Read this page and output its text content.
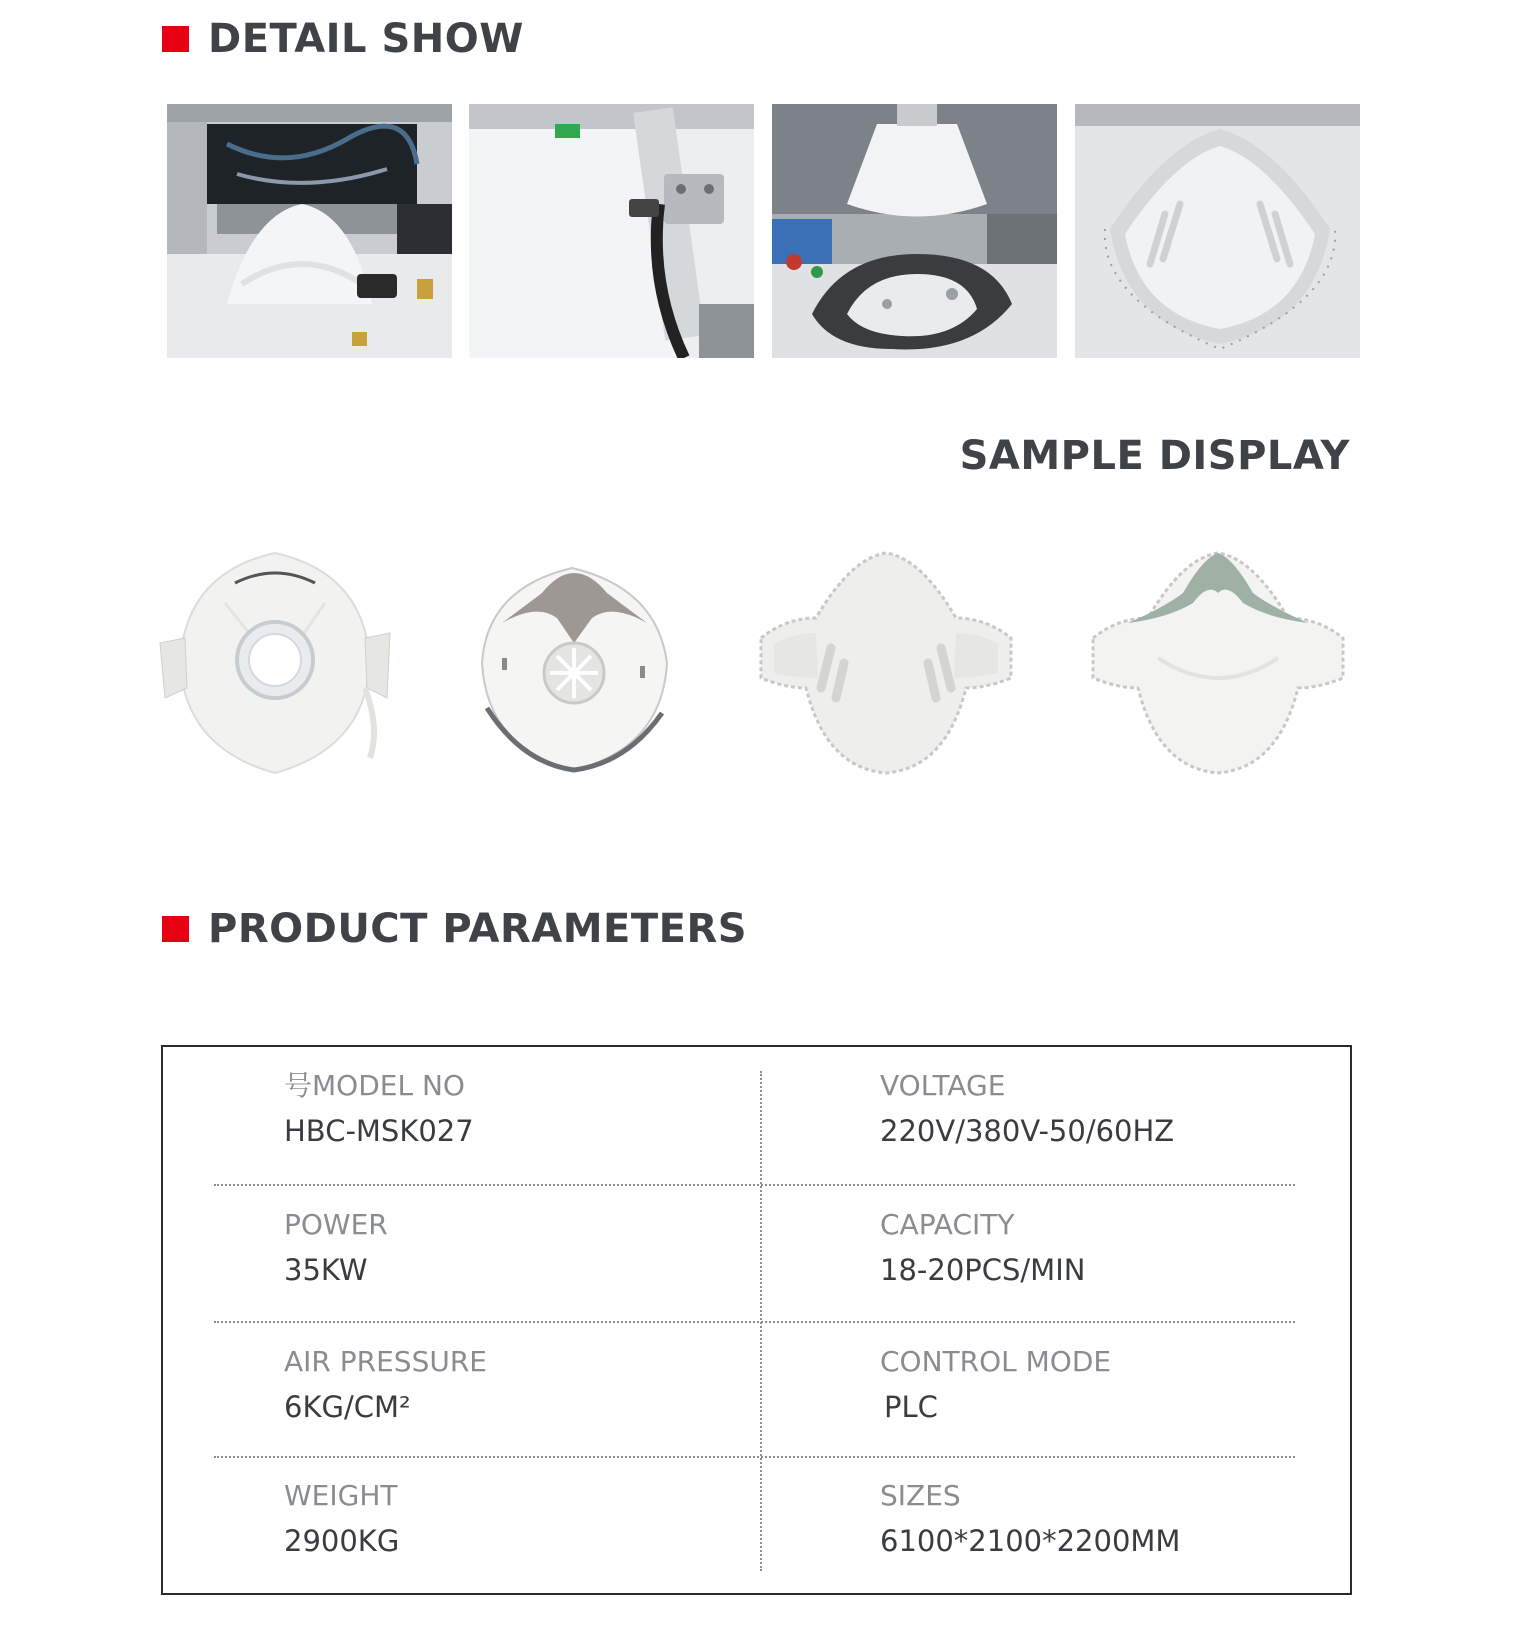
DETAIL SHOW
SAMPLE DISPLAY
PRODUCT PARAMETERS
号MODEL NO
HBC-MSK027
VOLTAGE
220V/380V-50/60HZ
POWER
35KW
CAPACITY
18-20PCS/MIN
AIR PRESSURE
6KG/CM²
CONTROL MODE
PLC
WEIGHT
2900KG
SIZES
6100*2100*2200MM
